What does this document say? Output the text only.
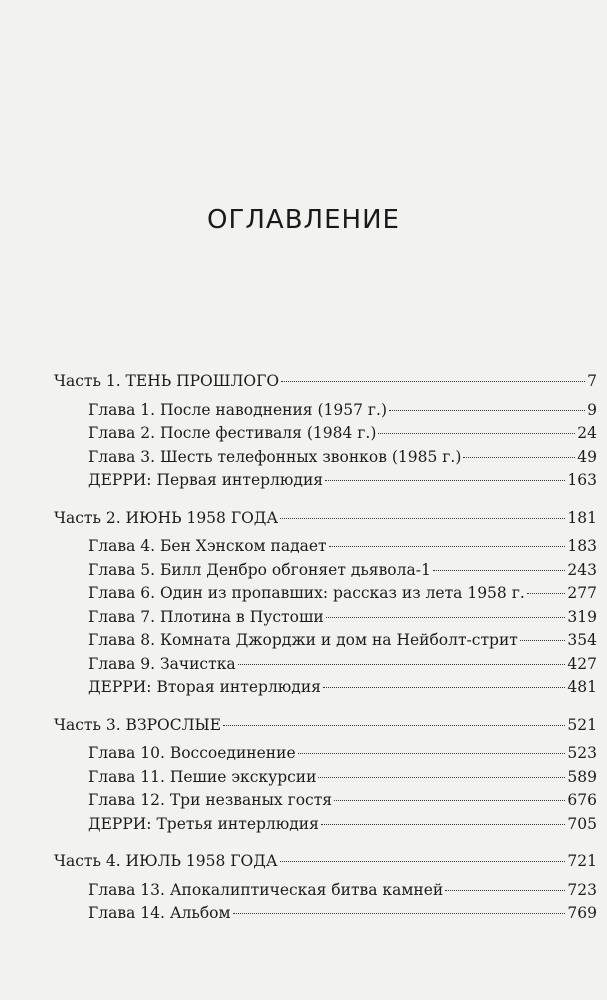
ОГЛАВЛЕНИЕ
Часть 1. ТЕНЬ ПРОШЛОГО	7
Глава 1. После наводнения (1957 г.)	9
Глава 2. После фестиваля (1984 г.)	24
Глава 3. Шесть телефонных звонков (1985 г.)	49
ДЕРРИ: Первая интерлюдия	163
Часть 2. ИЮНЬ 1958 ГОДА	181
Глава 4. Бен Хэнском падает	183
Глава 5. Билл Денбро обгоняет дьявола-1	243
Глава 6. Один из пропавших: рассказ из лета 1958 г.	277
Глава 7. Плотина в Пустоши	319
Глава 8. Комната Джорджи и дом на Нейболт-стрит	354
Глава 9. Зачистка	427
ДЕРРИ: Вторая интерлюдия	481
Часть 3. ВЗРОСЛЫЕ	521
Глава 10. Воссоединение	523
Глава 11. Пешие экскурсии	589
Глава 12. Три незваных гостя	676
ДЕРРИ: Третья интерлюдия	705
Часть 4. ИЮЛЬ 1958 ГОДА	721
Глава 13. Апокалиптическая битва камней	723
Глава 14. Альбом	769
